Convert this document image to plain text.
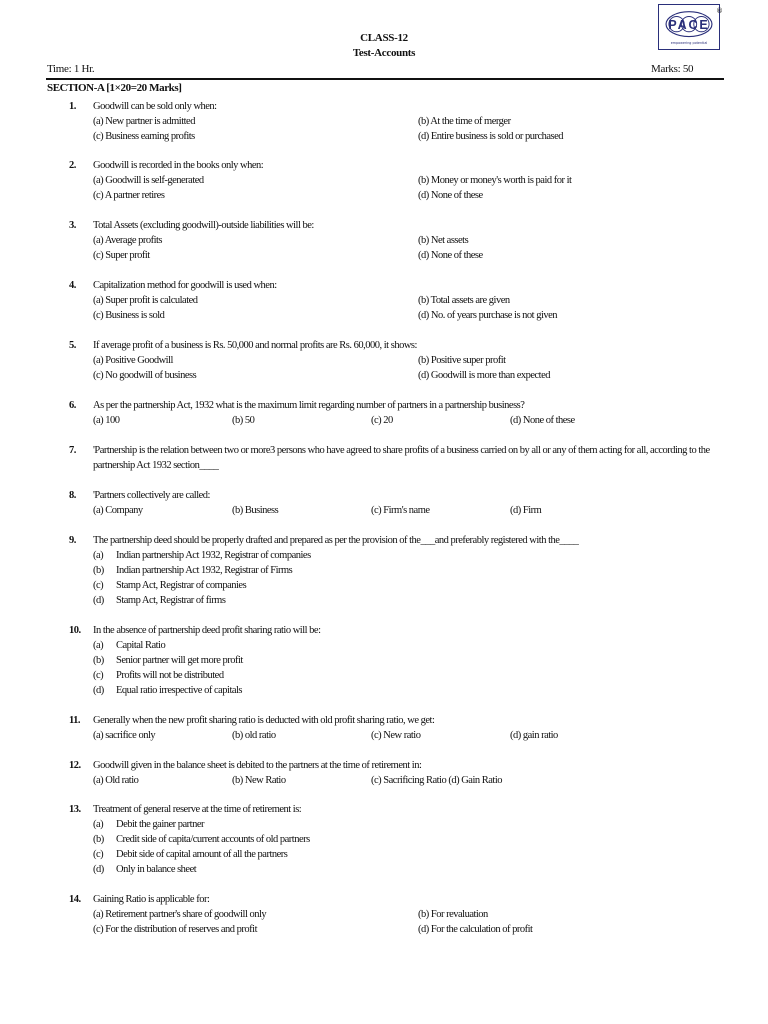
PACE
empowering potential
®
CLASS-12
Test-Accounts
Time: 1 Hr.	Marks: 50
SECTION-A [1×20=20 Marks]
1.	Goodwill can be sold only when:
(a) New partner is admitted	(b) At the time of merger
(c) Business earning profits	(d) Entire business is sold or purchased
2.	Goodwill is recorded in the books only when:
(a) Goodwill is self-generated	(b) Money or money's worth is paid for it
(c) A partner retires	(d) None of these
3.	Total Assets (excluding goodwill)-outside liabilities will be:
(a) Average profits	(b) Net assets
(c) Super profit	(d) None of these
4.	Capitalization method for goodwill is used when:
(a) Super profit is calculated	(b) Total assets are given
(c) Business is sold	(d) No. of years purchase is not given
5.	If average profit of a business is Rs. 50,000 and normal profits are Rs. 60,000, it shows:
(a) Positive Goodwill	(b) Positive super profit
(c) No goodwill of business	(d) Goodwill is more than expected
6.	As per the partnership Act, 1932 what is the maximum limit regarding number of partners in a partnership business?
(a) 100	(b) 50	(c) 20	(d) None of these
7.	'Partnership is the relation between two or more3 persons who have agreed to share profits of a business carried on by all or any of them acting for all, according to the partnership Act 1932 section____
8.	'Partners collectively are called:
(a) Company	(b) Business	(c) Firm's name	(d) Firm
9.	The partnership deed should be properly drafted and prepared as per the provision of the___and preferably registered with the____
(a) Indian partnership Act 1932, Registrar of companies
(b) Indian partnership Act 1932, Registrar of Firms
(c) Stamp Act, Registrar of companies
(d) Stamp Act, Registrar of firms
10.	In the absence of partnership deed profit sharing ratio will be:
(a) Capital Ratio
(b) Senior partner will get more profit
(c) Profits will not be distributed
(d) Equal ratio irrespective of capitals
11.	Generally when the new profit sharing ratio is deducted with old profit sharing ratio, we get:
(a) sacrifice only	(b) old ratio	(c) New ratio	(d) gain ratio
12.	Goodwill given in the balance sheet is debited to the partners at the time of retirement in:
(a) Old ratio	(b) New Ratio	(c) Sacrificing Ratio (d) Gain Ratio
13.	Treatment of general reserve at the time of retirement is:
(a) Debit the gainer partner
(b) Credit side of capita/current accounts of old partners
(c) Debit side of capital amount of all the partners
(d) Only in balance sheet
14.	Gaining Ratio is applicable for:
(a) Retirement partner's share of goodwill only	(b) For revaluation
(c) For the distribution of reserves and profit	(d) For the calculation of profit
